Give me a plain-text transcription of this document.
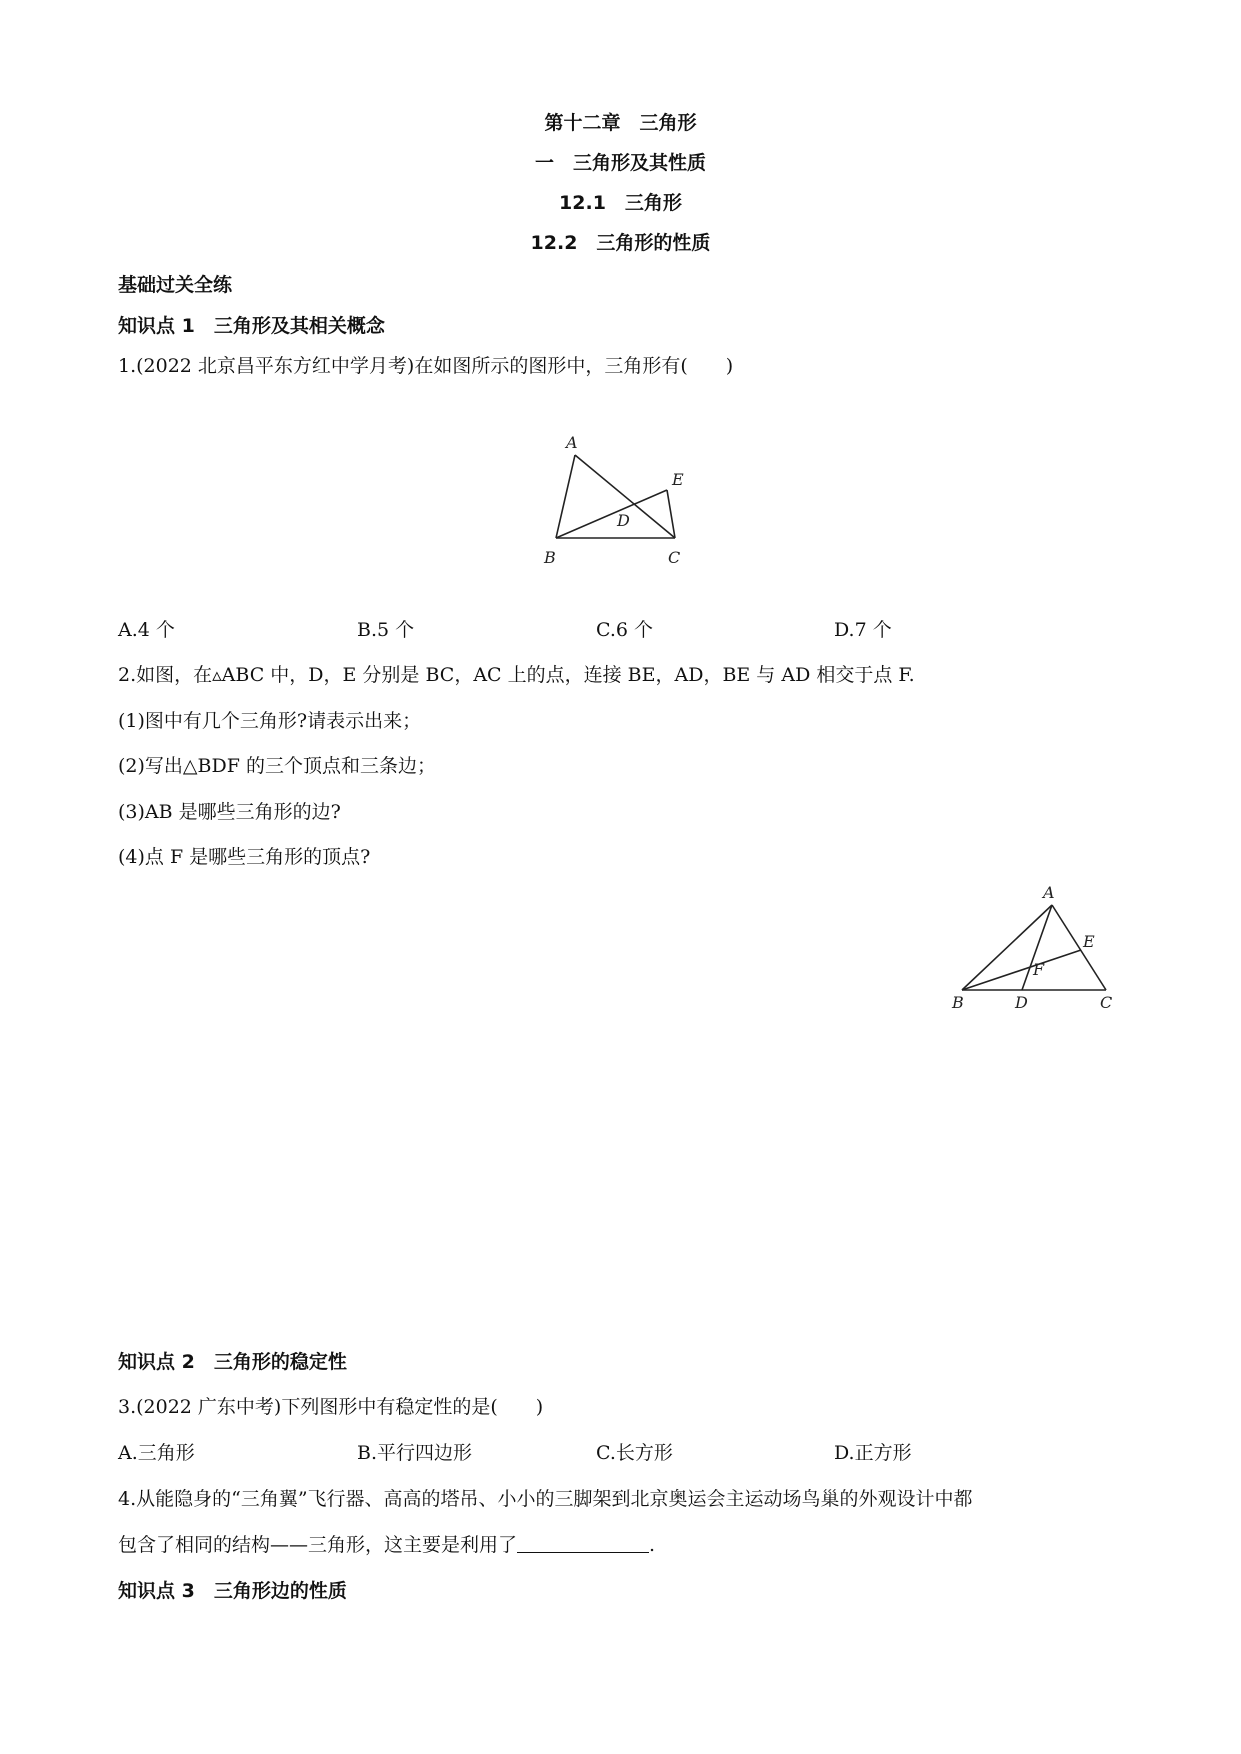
第十二章　三角形
一　三角形及其性质
12.1　三角形
12.2　三角形的性质
基础过关全练
知识点 1　三角形及其相关概念
1.(2022 北京昌平东方红中学月考)在如图所示的图形中，三角形有(　　)
A
B	C
D
E
A.4 个	B.5 个	C.6 个	D.7 个
2.如图，在▵ABC 中，D，E 分别是 BC，AC 上的点，连接 BE，AD，BE 与 AD 相交于点 F.
(1)图中有几个三角形?请表示出来；
(2)写出△BDF 的三个顶点和三条边；
(3)AB 是哪些三角形的边?
(4)点 F 是哪些三角形的顶点?
A
B	C
D
E
F
知识点 2　三角形的稳定性
3.(2022 广东中考)下列图形中有稳定性的是(　　)
A.三角形	B.平行四边形	C.长方形	D.正方形
4.从能隐身的“三角翼”飞行器、高高的塔吊、小小的三脚架到北京奥运会主运动场鸟巢的外观设计中都
包含了相同的结构——三角形，这主要是利用了	.
知识点 3　三角形边的性质
